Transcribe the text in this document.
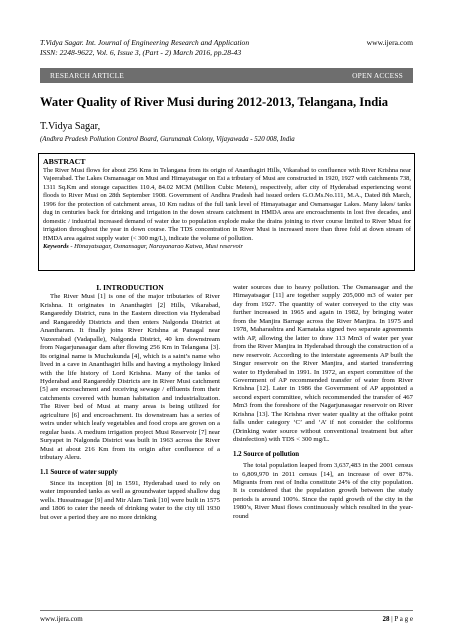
T.Vidya Sagar. Int. Journal of Engineering Research and Application	www.ijera.com
ISSN: 2248-9622, Vol. 6, Issue 3, (Part - 2) March 2016, pp.28-43
RESEARCH ARTICLE	OPEN ACCESS
Water Quality of River Musi during 2012-2013, Telangana, India
T.Vidya Sagar,
(Andhra Pradesh Pollution Control Board, Gurunanak Colony, Vijayawada - 520 008, India
ABSTRACT
The River Musi flows for about 256 Kms in Telangana from its origin of Ananthagiri Hills, Vikarabad to confluence with River Krishna near Vajeerabad. The Lakes Osmansagar on Musi and Himayatsagar on Esi a tributary of Musi are constructed in 1920, 1927 with catchments 738, 1311 Sq.Km and storage capacities 110.4, 84.02 MCM (Million Cubic Meters), respectively, after city of Hyderabad experiencing worst floods to River Musi on 28th September 1908. Government of Andhra Pradesh had issued orders G.O.Ms.No.111, M.A., Dated 8th March, 1996 for the protection of catchment areas, 10 Km radius of the full tank level of Himayatsagar and Osmansagar Lakes. Many lakes/ tanks dug in centuries back for drinking and irrigation in the down stream catchment in HMDA area are encroachments in lost five decades, and domestic / industrial increased demand of water due to population explode make the drains joining to river course limited to River Musi for irrigation throughout the year in down course. The TDS concentration in River Musi is increased more than three fold at down stream of HMDA area against supply water (< 300 mg/L), indicate the volume of pollution.
Keywords - Himayatsagar, Osmansagar, Narayanarao Katwa, Musi reservoir
I. INTRODUCTION

The River Musi [1] is one of the major tributaries of River Krishna. It originates in Ananthagiri [2] Hills, Vikarabad, Rangareddy District, runs in the Eastern direction via Hyderabad and Rangareddy Districts and then enters Nalgonda District at Anantharam. It finally joins River Krishna at Panagal near Vazeerabad (Vadapalle), Nalgonda District, 40 km downstream from Nagarjunasagar dam after flowing 256 Km in Telangana [3]. Its original name is Muchukunda [4], which is a saint’s name who lived in a cave in Ananthagiri hills and having a mythology linked with the life history of Lord Krishna. Many of the tanks of Hyderabad and Rangareddy Districts are in River Musi catchment [5] are encroachment and receiving sewage / effluents from their catchments covered with human habitation and industrialization. The River bed of Musi at many areas is being utilized for agriculture [6] and encroachment. Its downstream has a series of weirs under which leafy vegetables and food crops are grown on a regular basis. A medium irrigation project Musi Reservoir [7] near Suryapet in Nalgonda District was built in 1963 across the River Musi at about 216 Km from its origin after confluence of a tributary Aleru.

1.1 Source of water supply

Since its inception [8] in 1591, Hyderabad used to rely on water impounded tanks as well as groundwater tapped shallow dug wells. Hussainsagar [9] and Mir Alam Tank [10] were built in 1575 and 1806 to cater the needs of drinking water to the city till 1930 but over a period they are no more drinking

water sources due to heavy pollution. The Osmansagar and the Himayatsagar [11] are together supply 205,000 m3 of water per day from 1927. The quantity of water conveyed to the city was further increased in 1965 and again in 1982, by bringing water from the Manjira Barrage across the River Manjira. In 1975 and 1978, Maharashtra and Karnataka signed two separate agreements with AP, allowing the latter to draw 113 Mm3 of water per year from the River Manjira in Hyderabad through the construction of a new reservoir. According to the interstate agreements AP built the Singur reservoir on the River Manjira, and started transferring water to Hyderabad in 1991. In 1972, an expert committee of the Government of AP recommended transfer of water from River Krishna [12]. Later in 1986 the Government of AP appointed a second expert committee, which recommended the transfer of 467 Mm3 from the foreshore of the Nagarjunasagar reservoir on River Krishna [13]. The Krishna river water quality at the offtake point falls under category ‘C’ and ‘A’ if not consider the coliforms (Drinking water source without conventional treatment but after disinfection) with TDS < 300 mg/L.

1.2 Source of pollution

The total population leaped from 3,637,483 in the 2001 census to 6,809,970 in 2011 census [14], an increase of over 87%. Migrants from rest of India constitute 24% of the city population. It is considered that the population growth between the study periods is around 100%. Since the rapid growth of the city in the 1980’s, River Musi flows continuously which resulted in the year-round

www.ijera.com	28 | P a g e
